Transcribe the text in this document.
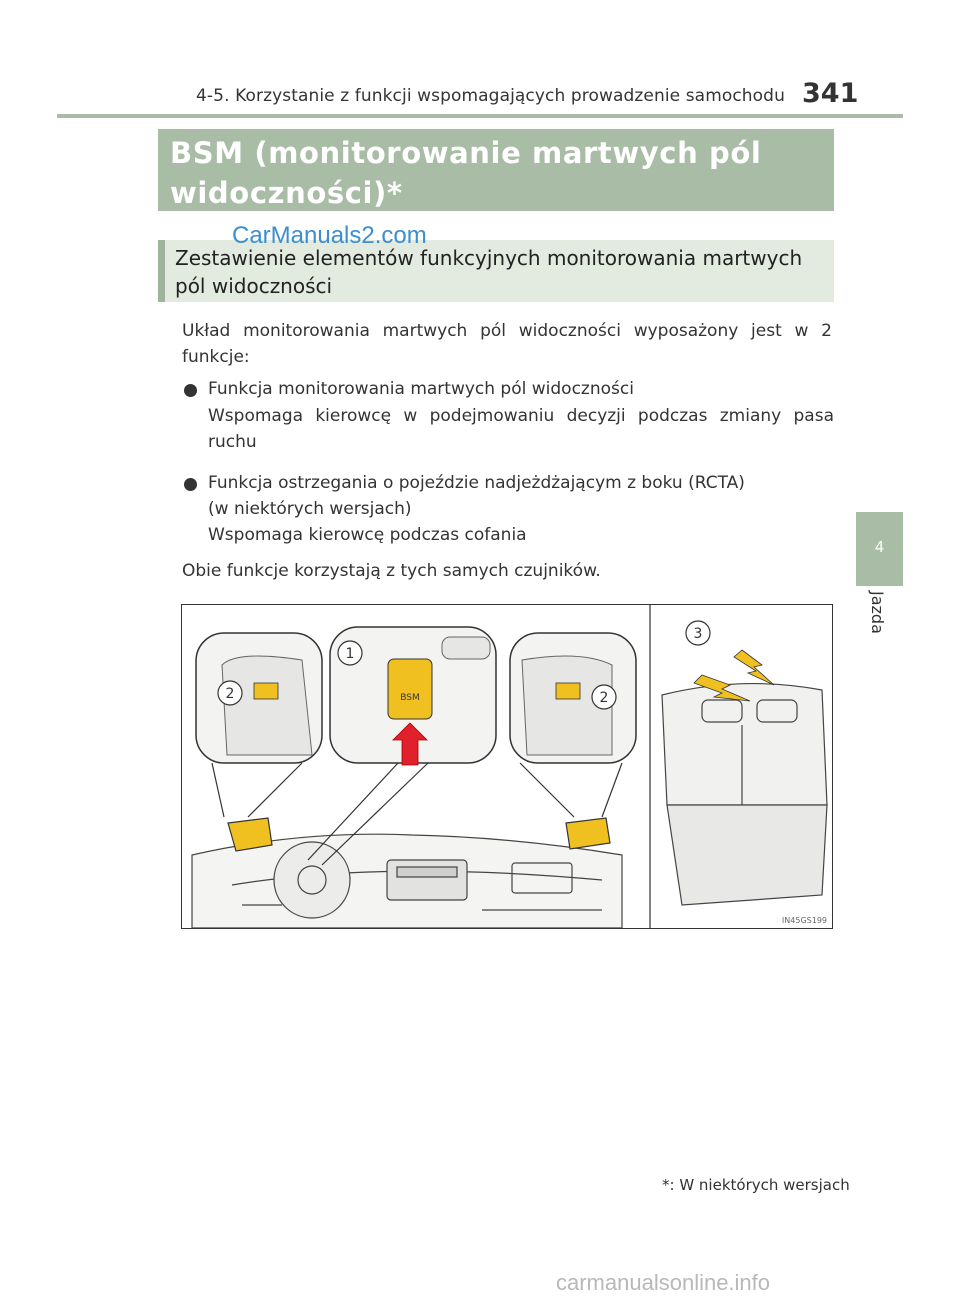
4-5. Korzystanie z funkcji wspomagających prowadzenie samochodu 341
BSM (monitorowanie martwych pól widoczności)*
Zestawienie elementów funkcyjnych monitorowania martwych pól widoczności
CarManuals2.com
Układ monitorowania martwych pól widoczności wyposażony jest w 2 funkcje:
Funkcja monitorowania martwych pól widoczności
Wspomaga kierowcę w podejmowaniu decyzji podczas zmiany pasa ruchu
Funkcja ostrzegania o pojeździe nadjeżdżającym z boku (RCTA)
(w niektórych wersjach)
Wspomaga kierowcę podczas cofania
Obie funkcje korzystają z tych samych czujników.
1
2	2
3
BSM
IN45GS199
*: W niektórych wersjach
4
Jazda
carmanualsonline.info
